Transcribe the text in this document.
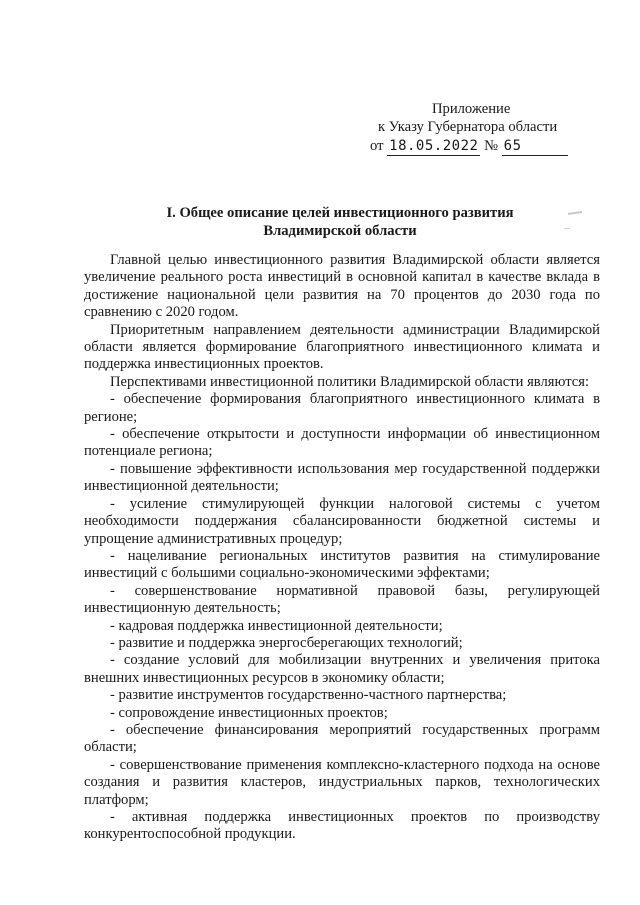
Приложение
к Указу Губернатора области
от 18.05.2022 № 65
I. Общее описание целей инвестиционного развития
Владимирской области

Главной целью инвестиционного развития Владимирской области является увеличение реального роста инвестиций в основной капитал в качестве вклада в достижение национальной цели развития на 70 процентов до 2030 года по сравнению с 2020 годом.

Приоритетным направлением деятельности администрации Владимирской области является формирование благоприятного инвестиционного климата и поддержка инвестиционных проектов.

Перспективами инвестиционной политики Владимирской области являются:

- обеспечение формирования благоприятного инвестиционного климата в регионе;

- обеспечение открытости и доступности информации об инвестиционном потенциале региона;

- повышение эффективности использования мер государственной поддержки инвестиционной деятельности;

- усиление стимулирующей функции налоговой системы с учетом необходимости поддержания сбалансированности бюджетной системы и упрощение административных процедур;

- нацеливание региональных институтов развития на стимулирование инвестиций с большими социально-экономическими эффектами;

- совершенствование нормативной правовой базы, регулирующей инвестиционную деятельность;

- кадровая поддержка инвестиционной деятельности;

- развитие и поддержка энергосберегающих технологий;

- создание условий для мобилизации внутренних и увеличения притока внешних инвестиционных ресурсов в экономику области;

- развитие инструментов государственно-частного партнерства;

- сопровождение инвестиционных проектов;

- обеспечение финансирования мероприятий государственных программ области;

- совершенствование применения комплексно-кластерного подхода на основе создания и развития кластеров, индустриальных парков, технологических платформ;

- активная поддержка инвестиционных проектов по производству конкурентоспособной продукции.
